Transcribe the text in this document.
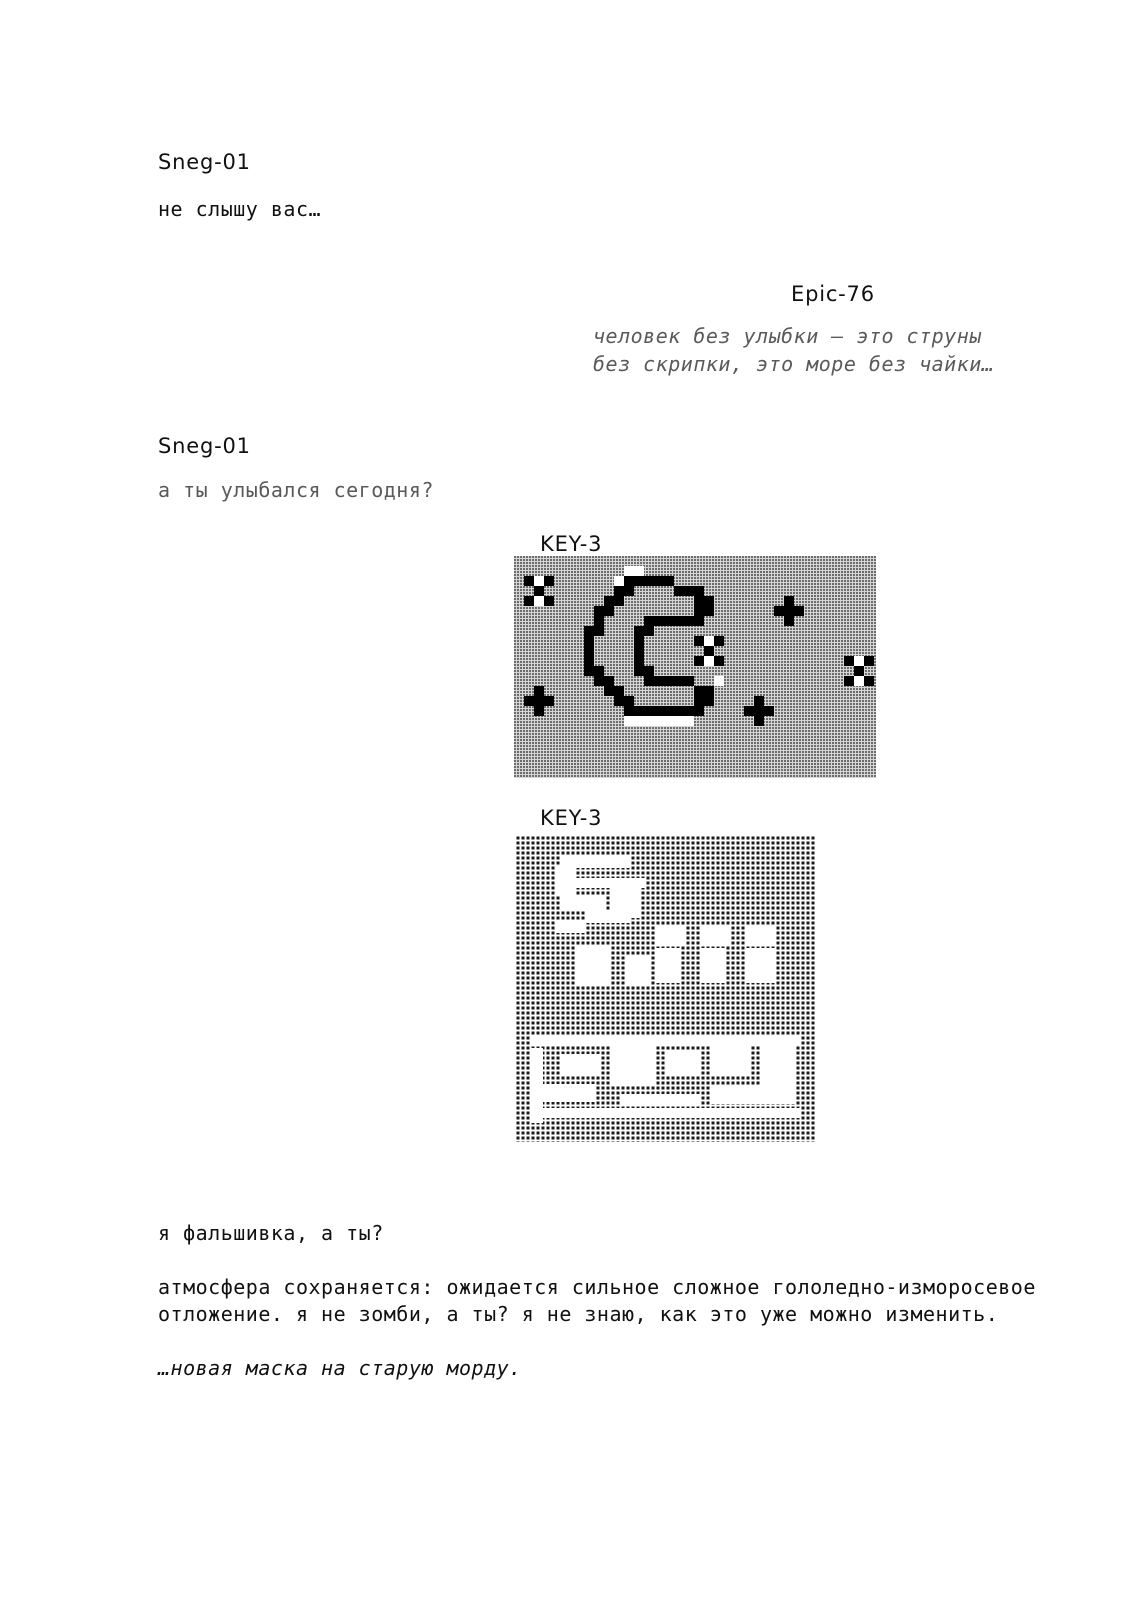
Sneg-01
не слышу вас…
Epic-76
человек без улыбки — это струны
без скрипки, это море без чайки…
Sneg-01
а ты улыбался сегодня?
KEY-3
KEY-3
я фальшивка, а ты?
атмосфера сохраняется: ожидается сильное сложное гололедно-изморосевое
отложение. я не зомби, а ты? я не знаю, как это уже можно изменить.
…новая маска на старую морду.
